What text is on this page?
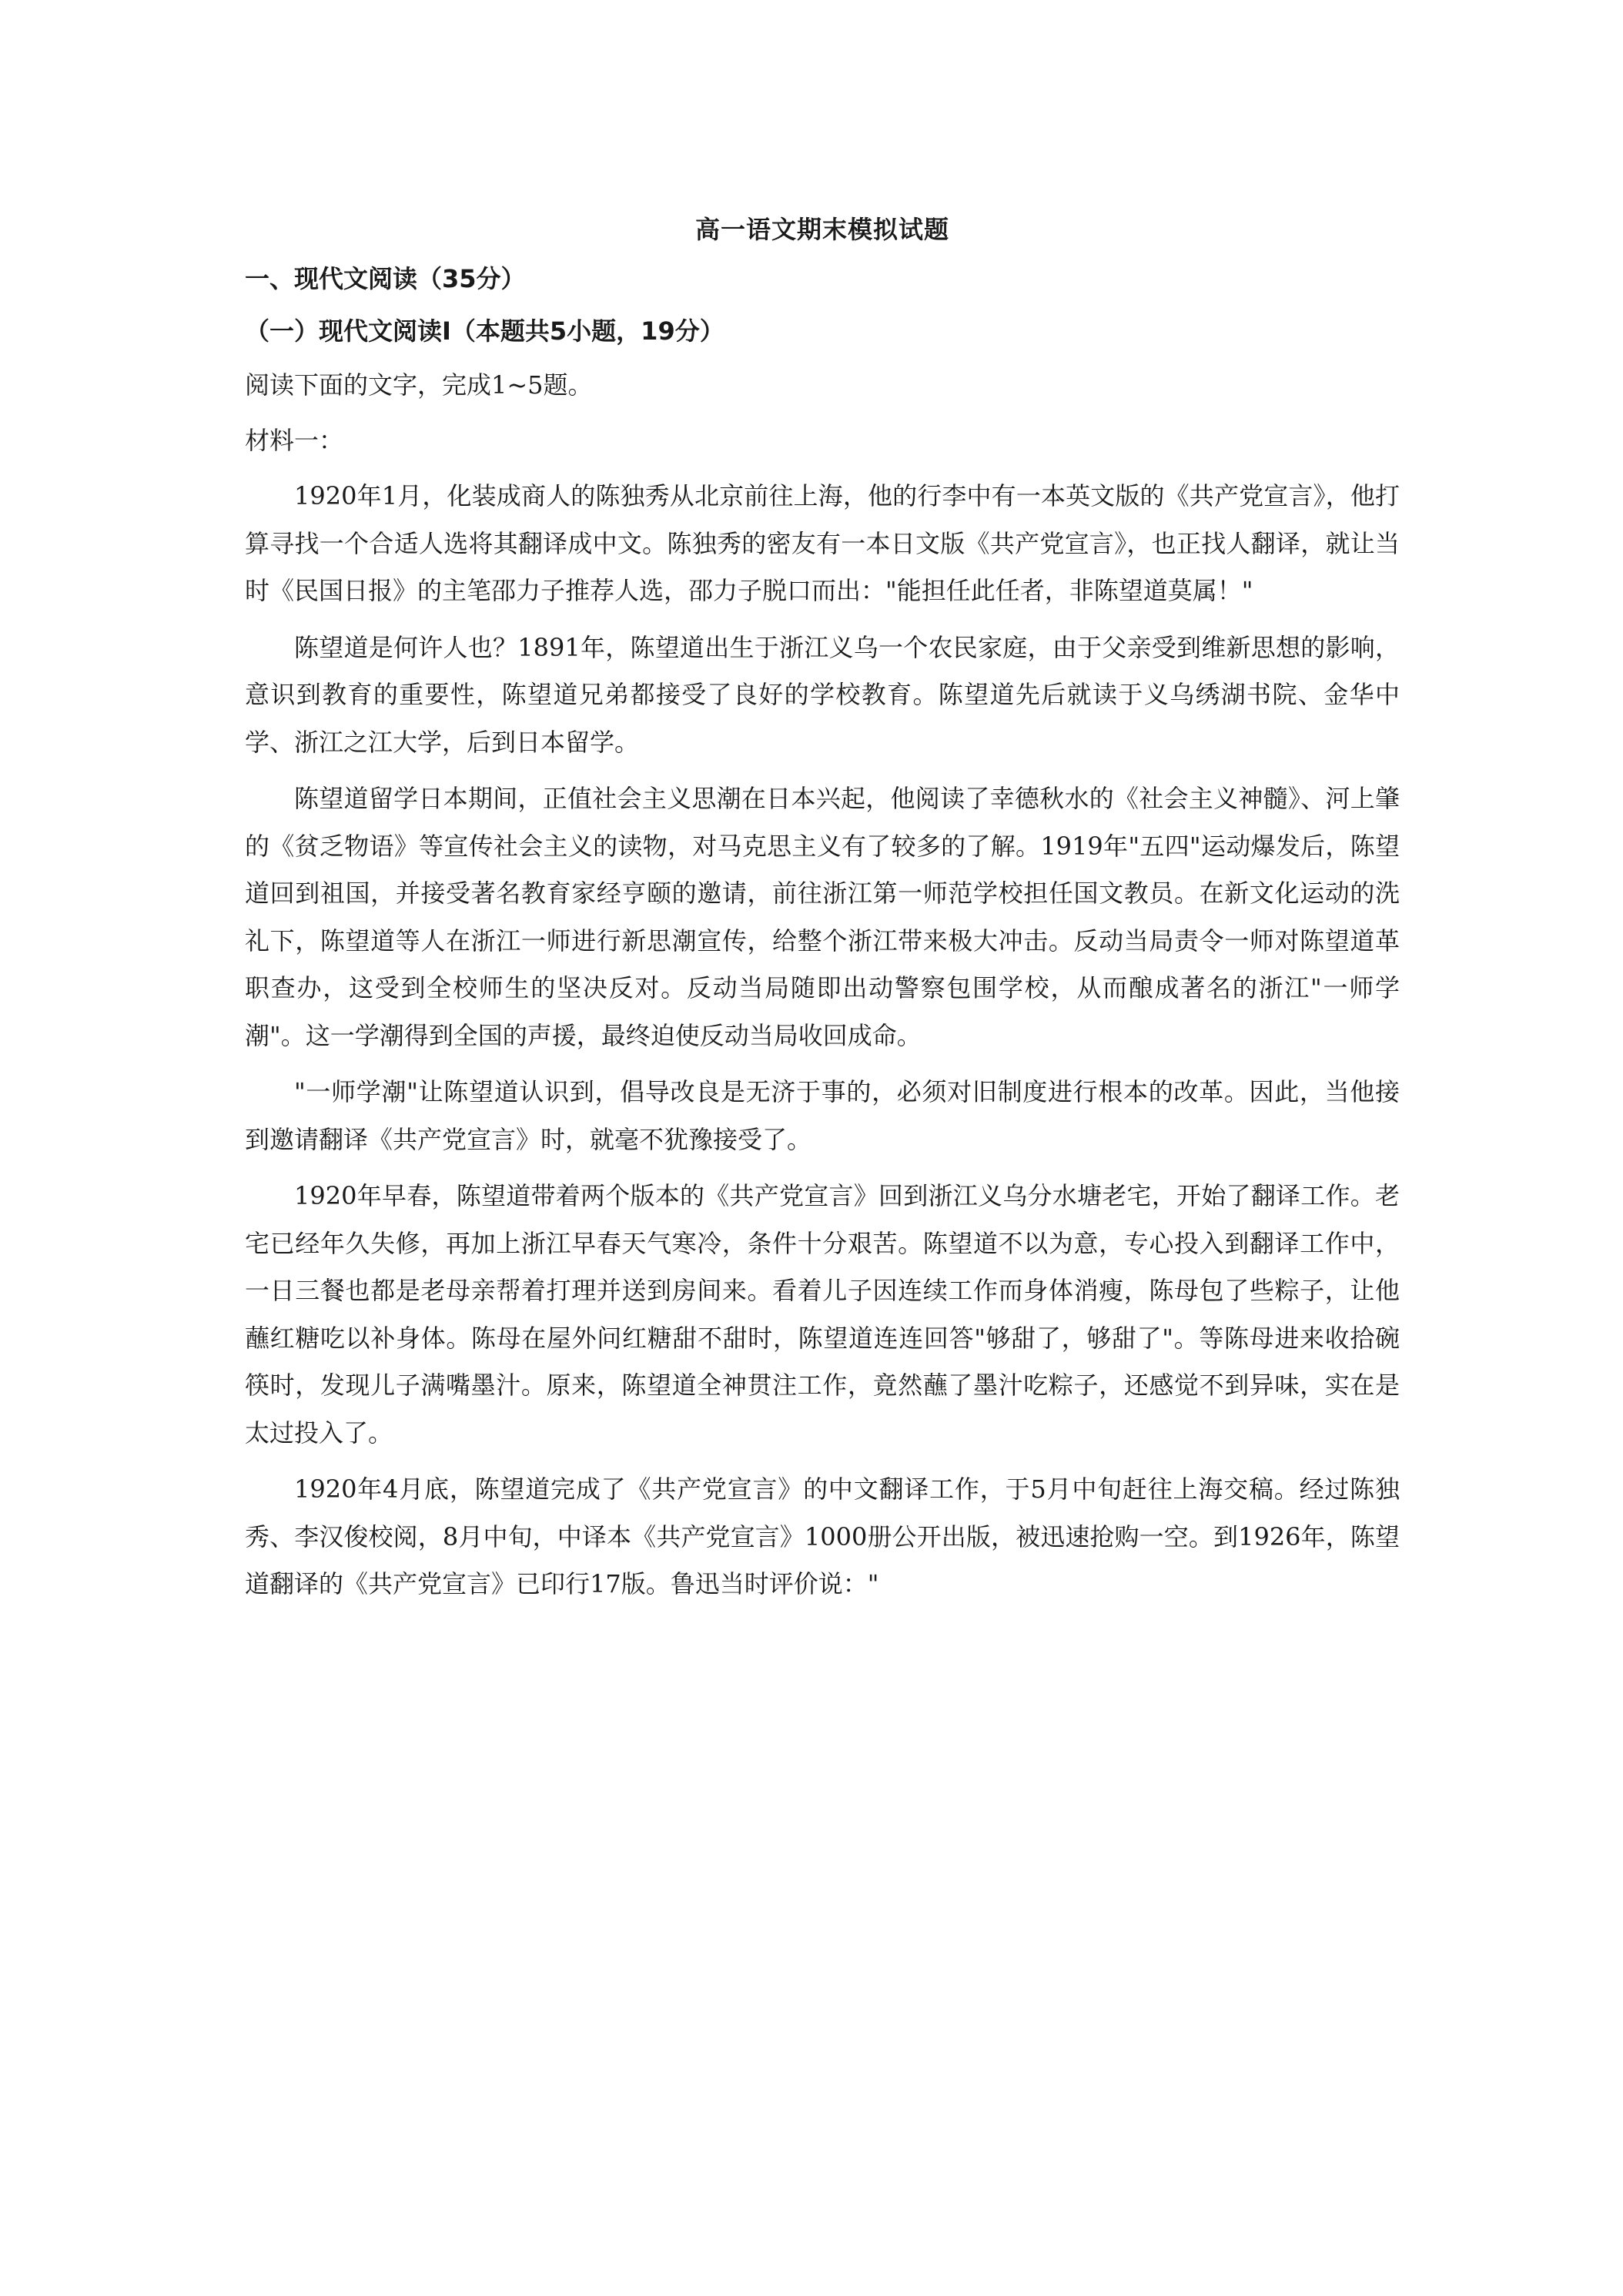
高一语文期末模拟试题
一、现代文阅读（35分）
（一）现代文阅读Ⅰ（本题共5小题，19分）
阅读下面的文字，完成1~5题。
材料一：

1920年1月，化装成商人的陈独秀从北京前往上海，他的行李中有一本英文版的《共产党宣言》，他打算寻找一个合适人选将其翻译成中文。陈独秀的密友有一本日文版《共产党宣言》，也正找人翻译，就让当时《民国日报》的主笔邵力子推荐人选，邵力子脱口而出："能担任此任者，非陈望道莫属！"

陈望道是何许人也？1891年，陈望道出生于浙江义乌一个农民家庭，由于父亲受到维新思想的影响，意识到教育的重要性，陈望道兄弟都接受了良好的学校教育。陈望道先后就读于义乌绣湖书院、金华中学、浙江之江大学，后到日本留学。

陈望道留学日本期间，正值社会主义思潮在日本兴起，他阅读了幸德秋水的《社会主义神髓》、河上肇的《贫乏物语》等宣传社会主义的读物，对马克思主义有了较多的了解。1919年"五四"运动爆发后，陈望道回到祖国，并接受著名教育家经亨颐的邀请，前往浙江第一师范学校担任国文教员。在新文化运动的洗礼下，陈望道等人在浙江一师进行新思潮宣传，给整个浙江带来极大冲击。反动当局责令一师对陈望道革职查办，这受到全校师生的坚决反对。反动当局随即出动警察包围学校，从而酿成著名的浙江"一师学潮"。这一学潮得到全国的声援，最终迫使反动当局收回成命。

"一师学潮"让陈望道认识到，倡导改良是无济于事的，必须对旧制度进行根本的改革。因此，当他接到邀请翻译《共产党宣言》时，就毫不犹豫接受了。

1920年早春，陈望道带着两个版本的《共产党宣言》回到浙江义乌分水塘老宅，开始了翻译工作。老宅已经年久失修，再加上浙江早春天气寒冷，条件十分艰苦。陈望道不以为意，专心投入到翻译工作中，一日三餐也都是老母亲帮着打理并送到房间来。看着儿子因连续工作而身体消瘦，陈母包了些粽子，让他蘸红糖吃以补身体。陈母在屋外问红糖甜不甜时，陈望道连连回答"够甜了，够甜了"。等陈母进来收拾碗筷时，发现儿子满嘴墨汁。原来，陈望道全神贯注工作，竟然蘸了墨汁吃粽子，还感觉不到异味，实在是太过投入了。

1920年4月底，陈望道完成了《共产党宣言》的中文翻译工作，于5月中旬赶往上海交稿。经过陈独秀、李汉俊校阅，8月中旬，中译本《共产党宣言》1000册公开出版，被迅速抢购一空。到1926年，陈望道翻译的《共产党宣言》已印行17版。鲁迅当时评价说："
